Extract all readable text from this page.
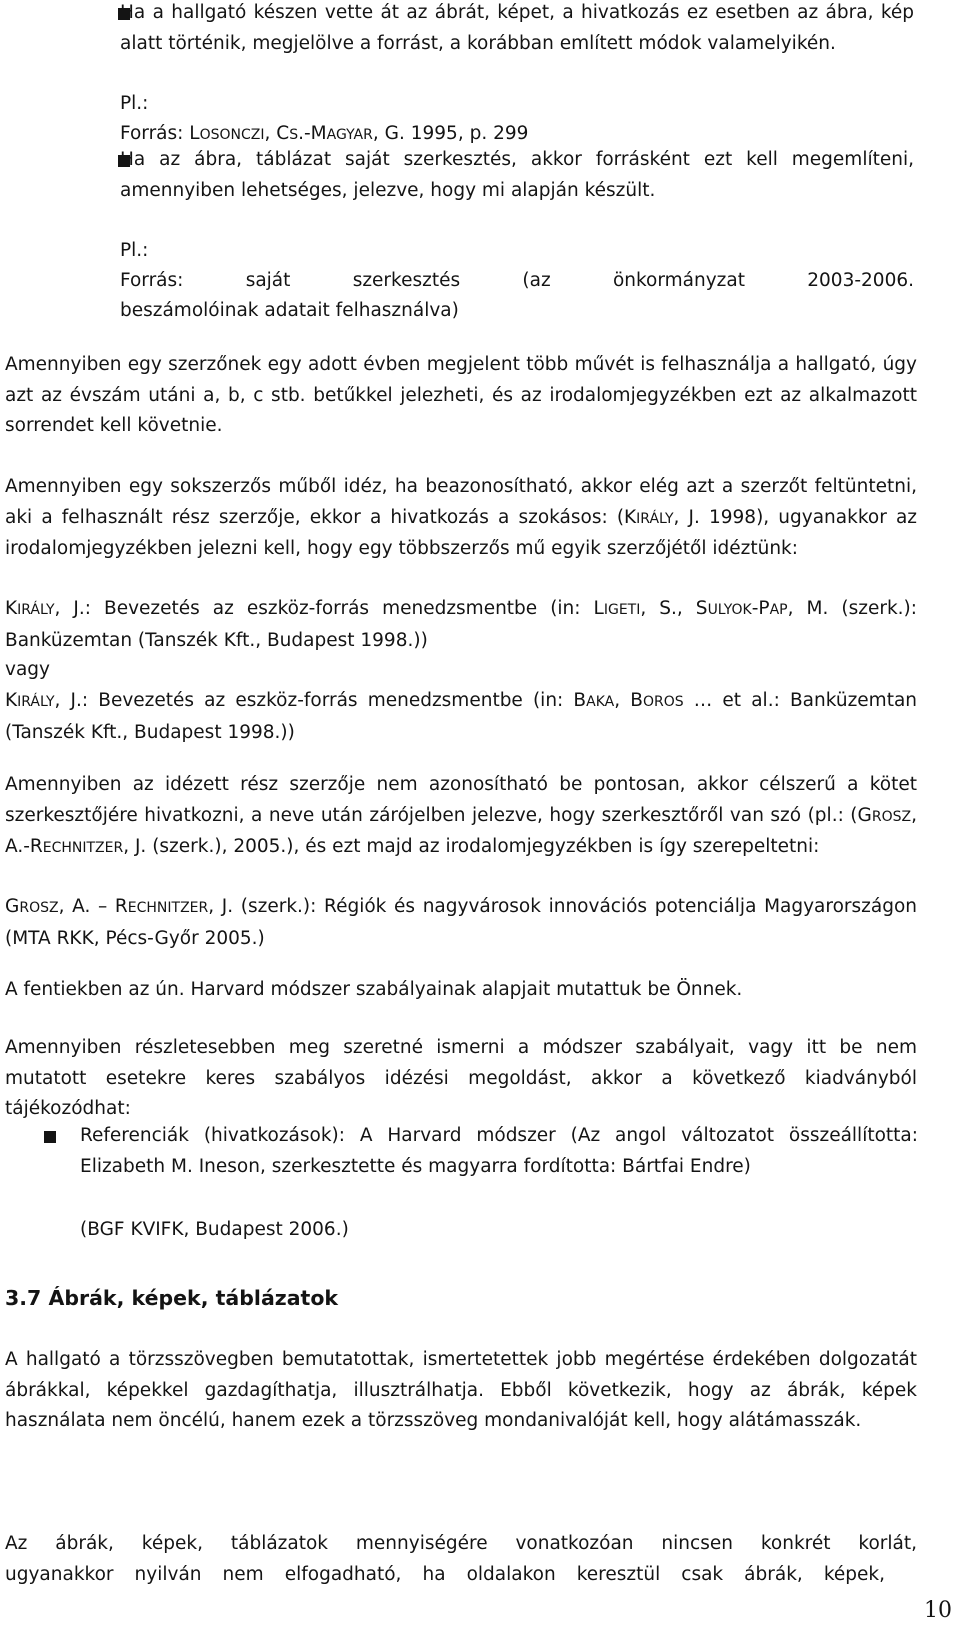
Ha a hallgató készen vette át az ábrát, képet, a hivatkozás ez esetben az ábra, kép alatt történik, megjelölve a forrást, a korábban említett módok valamelyikén.

Pl.:

Forrás: LOSONCZI, CS.-MAGYAR, G. 1995, p. 299

Ha az ábra, táblázat saját szerkesztés, akkor forrásként ezt kell megemlíteni, amennyiben lehetséges, jelezve, hogy mi alapján készült.

Pl.:

Forrás: saját szerkesztés (az önkormányzat 2003-2006.

beszámolóinak adatait felhasználva)

Amennyiben egy szerzőnek egy adott évben megjelent több művét is felhasználja a hallgató, úgy azt az évszám utáni a, b, c stb. betűkkel jelezheti, és az irodalomjegyzékben ezt az alkalmazott sorrendet kell követnie.

Amennyiben egy sokszerzős műből idéz, ha beazonosítható, akkor elég azt a szerzőt feltüntetni, aki a felhasznált rész szerzője, ekkor a hivatkozás a szokásos: (KIRÁLY, J. 1998), ugyanakkor az irodalomjegyzékben jelezni kell, hogy egy többszerzős mű egyik szerzőjétől idéztünk:

KIRÁLY, J.: Bevezetés az eszköz-forrás menedzsmentbe (in: LIGETI, S., SULYOK-PAP, M. (szerk.): Banküzemtan (Tanszék Kft., Budapest 1998.))

vagy

KIRÁLY, J.: Bevezetés az eszköz-forrás menedzsmentbe (in: BAKA, BOROS … et al.: Banküzemtan (Tanszék Kft., Budapest 1998.))

Amennyiben az idézett rész szerzője nem azonosítható be pontosan, akkor célszerű a kötet szerkesztőjére hivatkozni, a neve után zárójelben jelezve, hogy szerkesztőről van szó (pl.: (GROSZ, A.-RECHNITZER, J. (szerk.), 2005.), és ezt majd az irodalomjegyzékben is így szerepeltetni:

GROSZ, A. – RECHNITZER, J. (szerk.): Régiók és nagyvárosok innovációs potenciálja Magyarországon (MTA RKK, Pécs-Győr 2005.)

A fentiekben az ún. Harvard módszer szabályainak alapjait mutattuk be Önnek.

Amennyiben részletesebben meg szeretné ismerni a módszer szabályait, vagy itt be nem mutatott esetekre keres szabályos idézési megoldást, akkor a következő kiadványból tájékozódhat:

Referenciák (hivatkozások): A Harvard módszer (Az angol változatot összeállította: Elizabeth M. Ineson, szerkesztette és magyarra fordította: Bártfai Endre)

(BGF KVIFK, Budapest 2006.)

3.7 Ábrák, képek, táblázatok

A hallgató a törzsszövegben bemutatottak, ismertetettek jobb megértése érdekében dolgozatát ábrákkal, képekkel gazdagíthatja, illusztrálhatja. Ebből következik, hogy az ábrák, képek használata nem öncélú, hanem ezek a törzsszöveg mondanivalóját kell, hogy alátámasszák.

Az ábrák, képek, táblázatok mennyiségére vonatkozóan nincsen konkrét korlát,

ugyanakkor nyilván nem elfogadható, ha oldalakon keresztül csak ábrák, képek,

10
